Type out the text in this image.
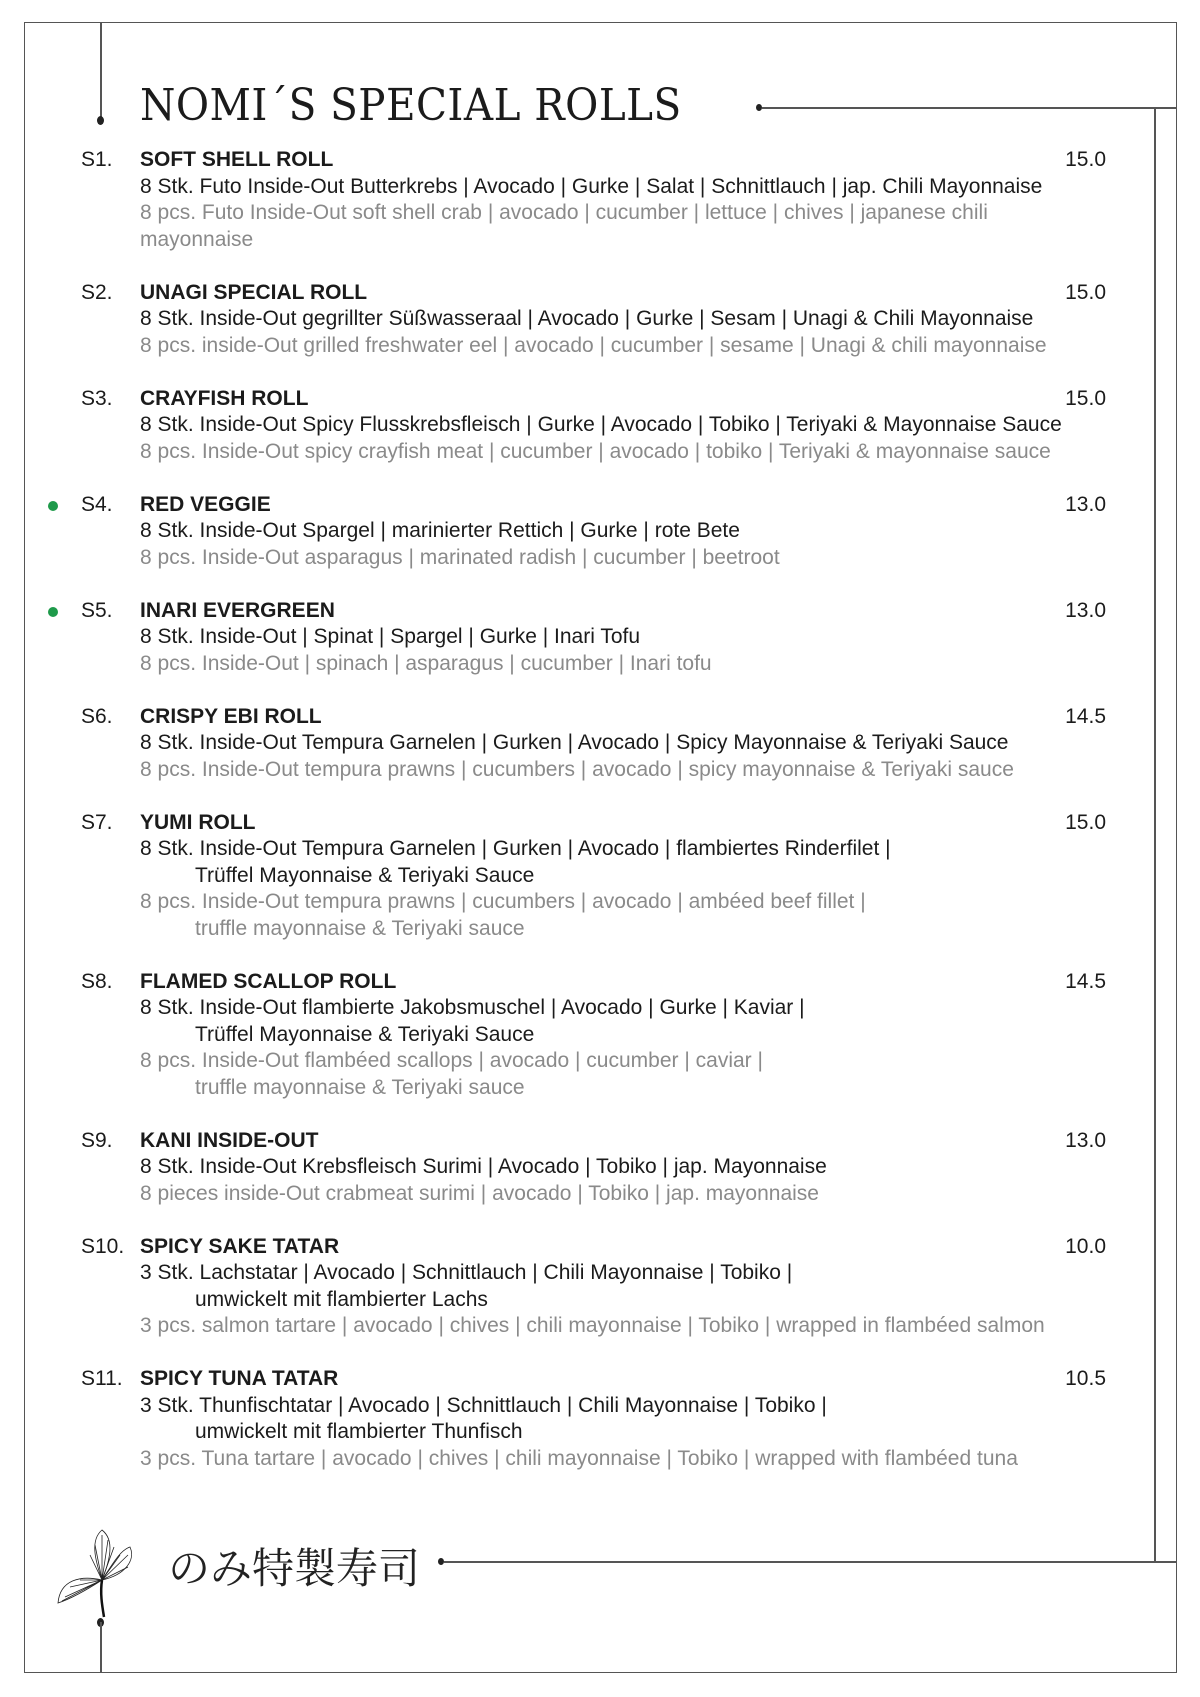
NOMI´S SPECIAL ROLLS
S1.	15.0
SOFT SHELL ROLL
8 Stk. Futo Inside-Out Butterkrebs | Avocado | Gurke | Salat | Schnittlauch | jap. Chili Mayonnaise
8 pcs. Futo Inside-Out soft shell crab | avocado | cucumber | lettuce | chives | japanese chili
mayonnaise
S2.	15.0
UNAGI SPECIAL ROLL
8 Stk. Inside-Out gegrillter Süßwasseraal | Avocado | Gurke | Sesam | Unagi & Chili Mayonnaise
8 pcs. inside-Out grilled freshwater eel | avocado | cucumber | sesame | Unagi & chili mayonnaise
S3.	15.0
CRAYFISH ROLL
8 Stk. Inside-Out Spicy Flusskrebsfleisch | Gurke | Avocado | Tobiko | Teriyaki & Mayonnaise Sauce
8 pcs. Inside-Out spicy crayfish meat | cucumber | avocado | tobiko | Teriyaki & mayonnaise sauce
S4.	13.0
RED VEGGIE
8 Stk. Inside-Out Spargel | marinierter Rettich | Gurke | rote Bete
8 pcs. Inside-Out asparagus | marinated radish | cucumber | beetroot
S5.	13.0
INARI EVERGREEN
8 Stk. Inside-Out | Spinat | Spargel | Gurke | Inari Tofu
8 pcs. Inside-Out | spinach | asparagus | cucumber | Inari tofu
S6.	14.5
CRISPY EBI ROLL
8 Stk. Inside-Out Tempura Garnelen | Gurken | Avocado | Spicy Mayonnaise & Teriyaki Sauce
8 pcs. Inside-Out tempura prawns | cucumbers | avocado | spicy mayonnaise & Teriyaki sauce
S7.	15.0
YUMI ROLL
8 Stk. Inside-Out Tempura Garnelen | Gurken | Avocado | flambiertes Rinderfilet |
Trüffel Mayonnaise & Teriyaki Sauce
8 pcs. Inside-Out tempura prawns | cucumbers | avocado | ambéed beef fillet |
truffle mayonnaise & Teriyaki sauce
S8.	14.5
FLAMED SCALLOP ROLL
8 Stk. Inside-Out flambierte Jakobsmuschel | Avocado | Gurke | Kaviar |
Trüffel Mayonnaise & Teriyaki Sauce
8 pcs. Inside-Out flambéed scallops | avocado | cucumber | caviar |
truffle mayonnaise & Teriyaki sauce
S9.	13.0
KANI INSIDE-OUT
8 Stk. Inside-Out Krebsfleisch Surimi | Avocado | Tobiko | jap. Mayonnaise
8 pieces inside-Out crabmeat surimi | avocado | Tobiko | jap. mayonnaise
S10.	10.0
SPICY SAKE TATAR
3 Stk. Lachstatar | Avocado | Schnittlauch | Chili Mayonnaise | Tobiko |
umwickelt mit flambierter Lachs
3 pcs. salmon tartare | avocado | chives | chili mayonnaise | Tobiko | wrapped in flambéed salmon
S11.	10.5
SPICY TUNA TATAR
3 Stk. Thunfischtatar | Avocado | Schnittlauch | Chili Mayonnaise | Tobiko |
umwickelt mit flambierter Thunfisch
3 pcs. Tuna tartare | avocado | chives | chili mayonnaise | Tobiko | wrapped with flambéed tuna
のみ特製寿司
